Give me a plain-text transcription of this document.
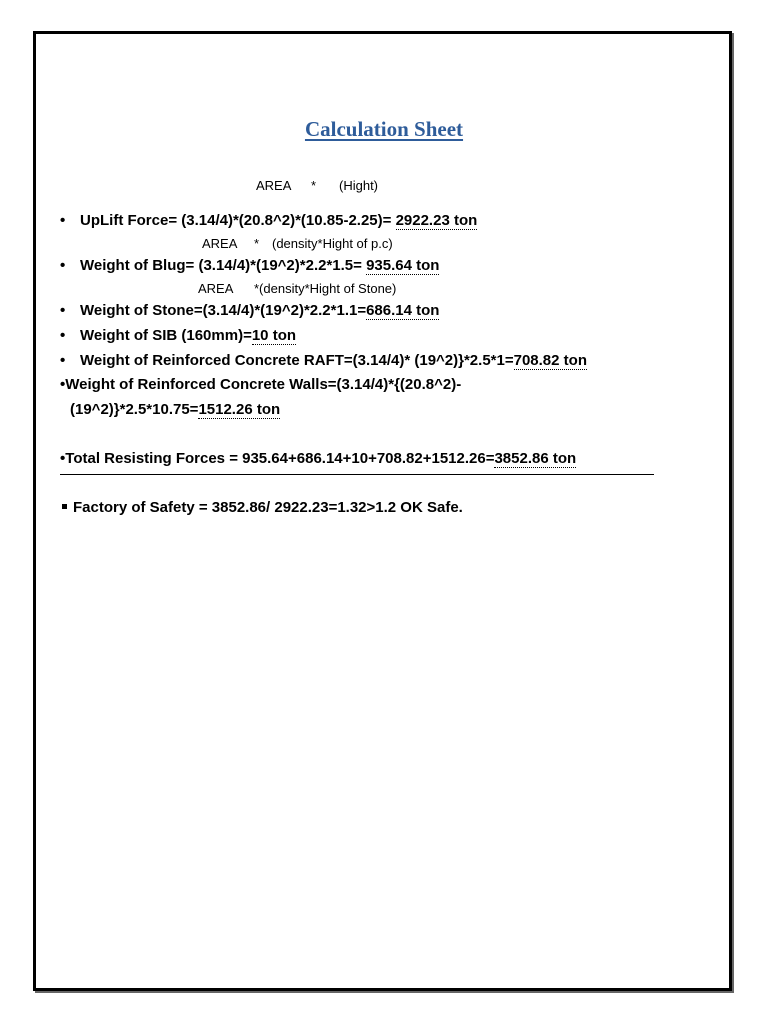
Calculation Sheet
AREA * (Hight)
• UpLift Force= (3.14/4)*(20.8^2)*(10.85-2.25)= 2922.23 ton
AREA * (density*Hight of p.c)
• Weight of Blug= (3.14/4)*(19^2)*2.2*1.5= 935.64 ton
AREA *(density*Hight of Stone)
• Weight of Stone=(3.14/4)*(19^2)*2.2*1.1=686.14 ton
• Weight of SIB (160mm)=10 ton
• Weight of Reinforced Concrete RAFT=(3.14/4)* (19^2)}*2.5*1=708.82 ton
•Weight of Reinforced Concrete Walls=(3.14/4)*{(20.8^2)-
(19^2)}*2.5*10.75=1512.26 ton
•Total Resisting Forces = 935.64+686.14+10+708.82+1512.26=3852.86 ton
Factory of Safety = 3852.86/ 2922.23=1.32>1.2 OK Safe.
